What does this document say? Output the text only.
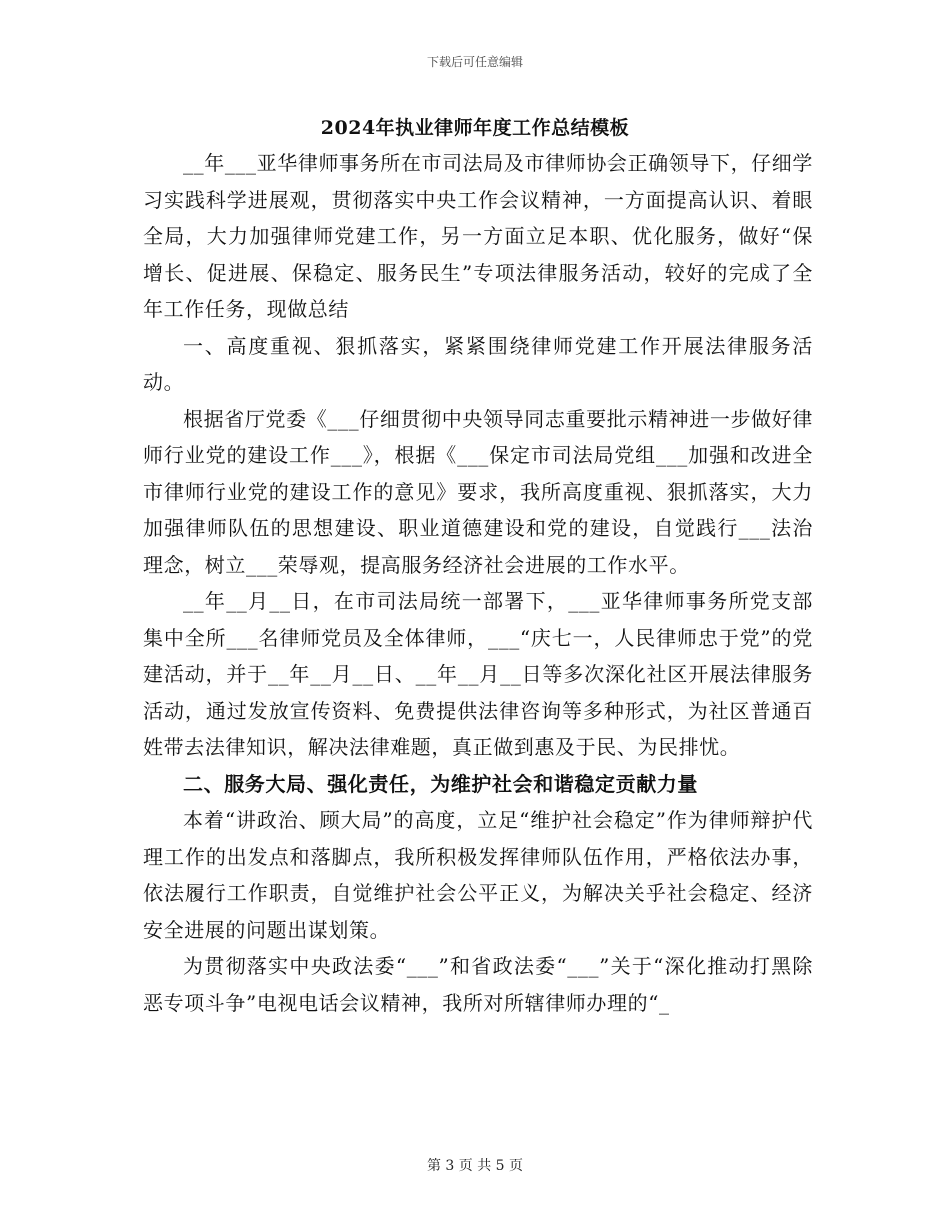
下载后可任意编辑
2024年执业律师年度工作总结模板

__年___亚华律师事务所在市司法局及市律师协会正确领导下，仔细学习实践科学进展观，贯彻落实中央工作会议精神，一方面提高认识、着眼全局，大力加强律师党建工作，另一方面立足本职、优化服务，做好“保增长、促进展、保稳定、服务民生”专项法律服务活动，较好的完成了全年工作任务，现做总结

一、高度重视、狠抓落实，紧紧围绕律师党建工作开展法律服务活动。

根据省厅党委《___仔细贯彻中央领导同志重要批示精神进一步做好律师行业党的建设工作___》，根据《___保定市司法局党组___加强和改进全市律师行业党的建设工作的意见》要求，我所高度重视、狠抓落实，大力加强律师队伍的思想建设、职业道德建设和党的建设，自觉践行___法治理念，树立___荣辱观，提高服务经济社会进展的工作水平。

__年__月__日，在市司法局统一部署下，___亚华律师事务所党支部集中全所___名律师党员及全体律师，___“庆七一，人民律师忠于党”的党建活动，并于__年__月__日、__年__月__日等多次深化社区开展法律服务活动，通过发放宣传资料、免费提供法律咨询等多种形式，为社区普通百姓带去法律知识，解决法律难题，真正做到惠及于民、为民排忧。

二、服务大局、强化责任，为维护社会和谐稳定贡献力量

本着“讲政治、顾大局”的高度，立足“维护社会稳定”作为律师辩护代理工作的出发点和落脚点，我所积极发挥律师队伍作用，严格依法办事，依法履行工作职责，自觉维护社会公平正义，为解决关乎社会稳定、经济安全进展的问题出谋划策。

为贯彻落实中央政法委“___”和省政法委“___”关于“深化推动打黑除恶专项斗争”电视电话会议精神，我所对所辖律师办理的“_

第 3 页 共 5 页
